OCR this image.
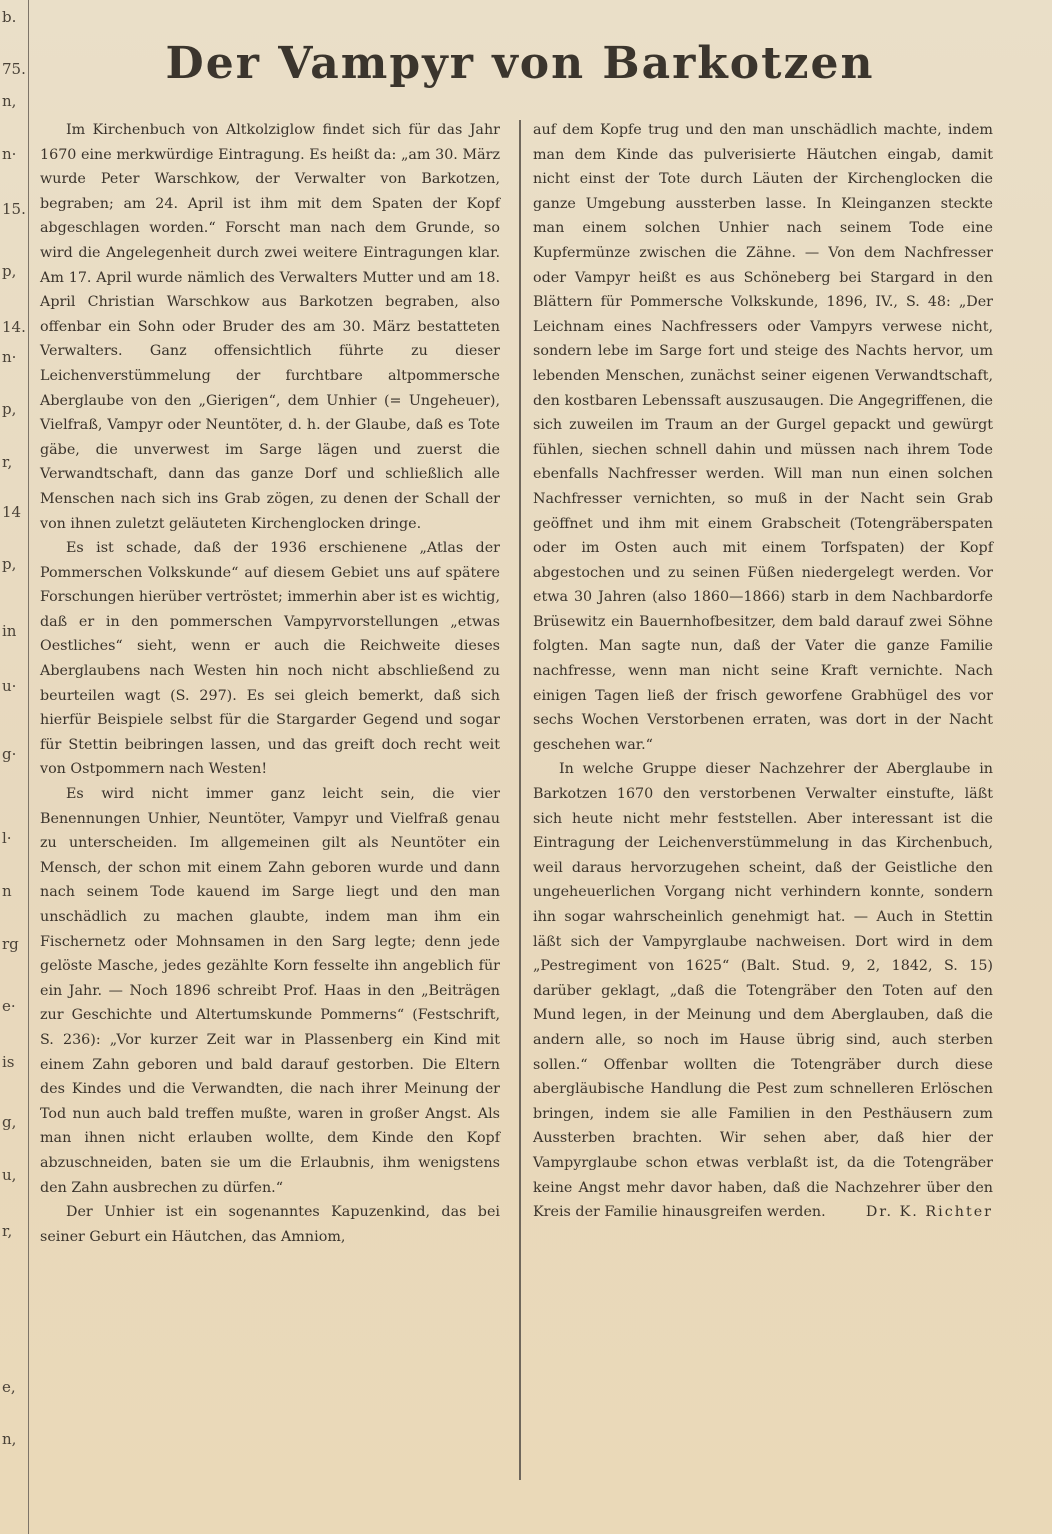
b.
75.
n,
n·
15.
p,
14.
n·
p,
r,
14
p,
in
u·
g·
l·
n
rg
e·
is
g,
u,
r,
e,
n,
Der Vampyr von Barkotzen

Im Kirchenbuch von Altkolziglow findet sich für das Jahr 1670 eine merkwürdige Eintragung. Es heißt da: „am 30. März wurde Peter Warschkow, der Verwalter von Barkotzen, begraben; am 24. April ist ihm mit dem Spaten der Kopf abgeschlagen worden.“ Forscht man nach dem Grunde, so wird die Angelegenheit durch zwei weitere Eintragungen klar. Am 17. April wurde nämlich des Verwalters Mutter und am 18. April Christian Warschkow aus Barkotzen begraben, also offenbar ein Sohn oder Bruder des am 30. März bestatteten Verwalters. Ganz offensichtlich führte zu dieser Leichenverstümmelung der furchtbare altpommersche Aberglaube von den „Gierigen“, dem Unhier (= Ungeheuer), Vielfraß, Vampyr oder Neuntöter, d. h. der Glaube, daß es Tote gäbe, die unverwest im Sarge lägen und zuerst die Verwandtschaft, dann das ganze Dorf und schließlich alle Menschen nach sich ins Grab zögen, zu denen der Schall der von ihnen zuletzt geläuteten Kirchenglocken dringe.

Es ist schade, daß der 1936 erschienene „Atlas der Pommerschen Volkskunde“ auf diesem Gebiet uns auf spätere Forschungen hierüber vertröstet; immerhin aber ist es wichtig, daß er in den pommerschen Vampyrvorstellungen „etwas Oestliches“ sieht, wenn er auch die Reichweite dieses Aberglaubens nach Westen hin noch nicht abschließend zu beurteilen wagt (S. 297). Es sei gleich bemerkt, daß sich hierfür Beispiele selbst für die Stargarder Gegend und sogar für Stettin beibringen lassen, und das greift doch recht weit von Ostpommern nach Westen!

Es wird nicht immer ganz leicht sein, die vier Benennungen Unhier, Neuntöter, Vampyr und Vielfraß genau zu unterscheiden. Im allgemeinen gilt als Neuntöter ein Mensch, der schon mit einem Zahn geboren wurde und dann nach seinem Tode kauend im Sarge liegt und den man unschädlich zu machen glaubte, indem man ihm ein Fischernetz oder Mohnsamen in den Sarg legte; denn jede gelöste Masche, jedes gezählte Korn fesselte ihn angeblich für ein Jahr. — Noch 1896 schreibt Prof. Haas in den „Beiträgen zur Geschichte und Altertumskunde Pommerns“ (Festschrift, S. 236): „Vor kurzer Zeit war in Plassenberg ein Kind mit einem Zahn geboren und bald darauf gestorben. Die Eltern des Kindes und die Verwandten, die nach ihrer Meinung der Tod nun auch bald treffen mußte, waren in großer Angst. Als man ihnen nicht erlauben wollte, dem Kinde den Kopf abzuschneiden, baten sie um die Erlaubnis, ihm wenigstens den Zahn ausbrechen zu dürfen.“

Der Unhier ist ein sogenanntes Kapuzenkind, das bei seiner Geburt ein Häutchen, das Amniom,

auf dem Kopfe trug und den man unschädlich machte, indem man dem Kinde das pulverisierte Häutchen eingab, damit nicht einst der Tote durch Läuten der Kirchenglocken die ganze Umgebung aussterben lasse. In Kleinganzen steckte man einem solchen Unhier nach seinem Tode eine Kupfermünze zwischen die Zähne. — Von dem Nachfresser oder Vampyr heißt es aus Schöneberg bei Stargard in den Blättern für Pommersche Volkskunde, 1896, IV., S. 48: „Der Leichnam eines Nachfressers oder Vampyrs verwese nicht, sondern lebe im Sarge fort und steige des Nachts hervor, um lebenden Menschen, zunächst seiner eigenen Verwandtschaft, den kostbaren Lebenssaft auszusaugen. Die Angegriffenen, die sich zuweilen im Traum an der Gurgel gepackt und gewürgt fühlen, siechen schnell dahin und müssen nach ihrem Tode ebenfalls Nachfresser werden. Will man nun einen solchen Nachfresser vernichten, so muß in der Nacht sein Grab geöffnet und ihm mit einem Grabscheit (Totengräberspaten oder im Osten auch mit einem Torfspaten) der Kopf abgestochen und zu seinen Füßen niedergelegt werden. Vor etwa 30 Jahren (also 1860—1866) starb in dem Nachbardorfe Brüsewitz ein Bauernhofbesitzer, dem bald darauf zwei Söhne folgten. Man sagte nun, daß der Vater die ganze Familie nachfresse, wenn man nicht seine Kraft vernichte. Nach einigen Tagen ließ der frisch geworfene Grabhügel des vor sechs Wochen Verstorbenen erraten, was dort in der Nacht geschehen war.“

In welche Gruppe dieser Nachzehrer der Aberglaube in Barkotzen 1670 den verstorbenen Verwalter einstufte, läßt sich heute nicht mehr feststellen. Aber interessant ist die Eintragung der Leichenverstümmelung in das Kirchenbuch, weil daraus hervorzugehen scheint, daß der Geistliche den ungeheuerlichen Vorgang nicht verhindern konnte, sondern ihn sogar wahrscheinlich genehmigt hat. — Auch in Stettin läßt sich der Vampyrglaube nachweisen. Dort wird in dem „Pestregiment von 1625“ (Balt. Stud. 9, 2, 1842, S. 15) darüber geklagt, „daß die Totengräber den Toten auf den Mund legen, in der Meinung und dem Aberglauben, daß die andern alle, so noch im Hause übrig sind, auch sterben sollen.“ Offenbar wollten die Totengräber durch diese abergläubische Handlung die Pest zum schnelleren Erlöschen bringen, indem sie alle Familien in den Pesthäusern zum Aussterben brachten. Wir sehen aber, daß hier der Vampyrglaube schon etwas verblaßt ist, da die Totengräber keine Angst mehr davor haben, daß die Nachzehrer über den Kreis der Familie hinausgreifen werden.	Dr. K. Richter
